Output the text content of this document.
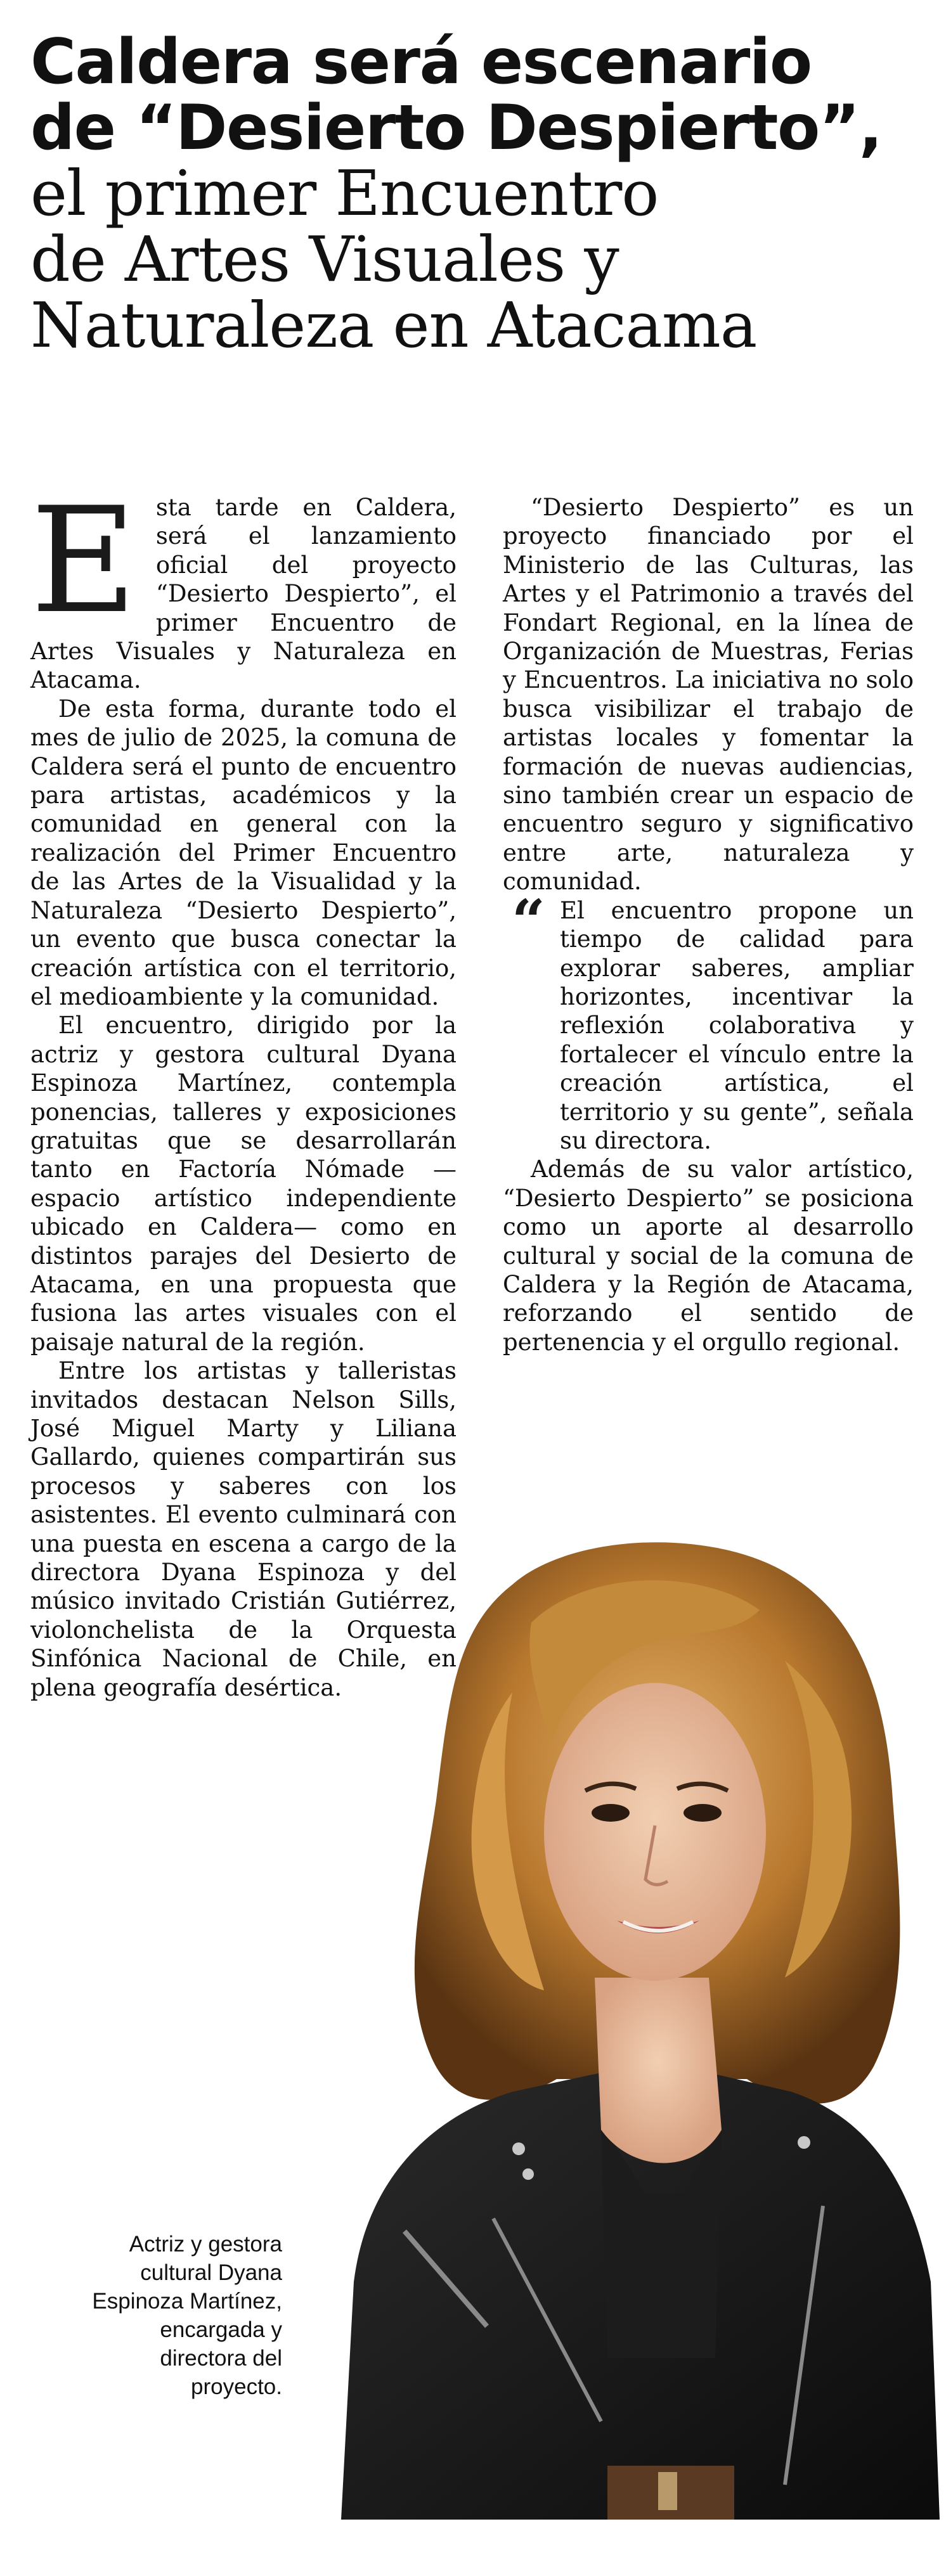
Caldera será escenario
de “Desierto Despierto”,
el primer Encuentro
de Artes Visuales y
Naturaleza en Atacama

Esta tarde en Caldera, será el lanzamiento oficial del proyecto “Desierto Despierto”, el primer Encuentro de Artes Visuales y Naturaleza en Atacama.

De esta forma, durante todo el mes de julio de 2025, la comuna de Caldera será el punto de encuentro para artistas, académicos y la comunidad en general con la realización del Primer Encuentro de las Artes de la Visualidad y la Naturaleza “Desierto Despierto”, un evento que busca conectar la creación artística con el territorio, el medioambiente y la comunidad.

El encuentro, dirigido por la actriz y gestora cultural Dyana Espinoza Martínez, contempla ponencias, talleres y exposiciones gratuitas que se desarrollarán tanto en Factoría Nómade —espacio artístico independiente ubicado en Caldera— como en distintos parajes del Desierto de Atacama, en una propuesta que fusiona las artes visuales con el paisaje natural de la región.

Entre los artistas y talleristas invitados destacan Nelson Sills, José Miguel Marty y Liliana Gallardo, quienes compartirán sus procesos y saberes con los asistentes. El evento culminará con una puesta en escena a cargo de la directora Dyana Espinoza y del músico invitado Cristián Gutiérrez, violonchelista de la Orquesta Sinfónica Nacional de Chile, en plena geografía desértica.

“Desierto Despierto” es un proyecto financiado por el Ministerio de las Culturas, las Artes y el Patrimonio a través del Fondart Regional, en la línea de Organización de Muestras, Ferias y Encuentros. La iniciativa no solo busca visibilizar el trabajo de artistas locales y fomentar la formación de nuevas audiencias, sino también crear un espacio de encuentro seguro y significativo entre arte, naturaleza y comunidad.

“ El encuentro propone un tiempo de calidad para explorar saberes, ampliar horizontes, incentivar la reflexión colaborativa y fortalecer el vínculo entre la creación artística, el territorio y su gente”, señala su directora.

Además de su valor artístico, “Desierto Despierto” se posiciona como un aporte al desarrollo cultural y social de la comuna de Caldera y la Región de Atacama, reforzando el sentido de pertenencia y el orgullo regional.

Actriz y gestora cultural Dyana Espinoza Martínez, encargada y directora del proyecto.
